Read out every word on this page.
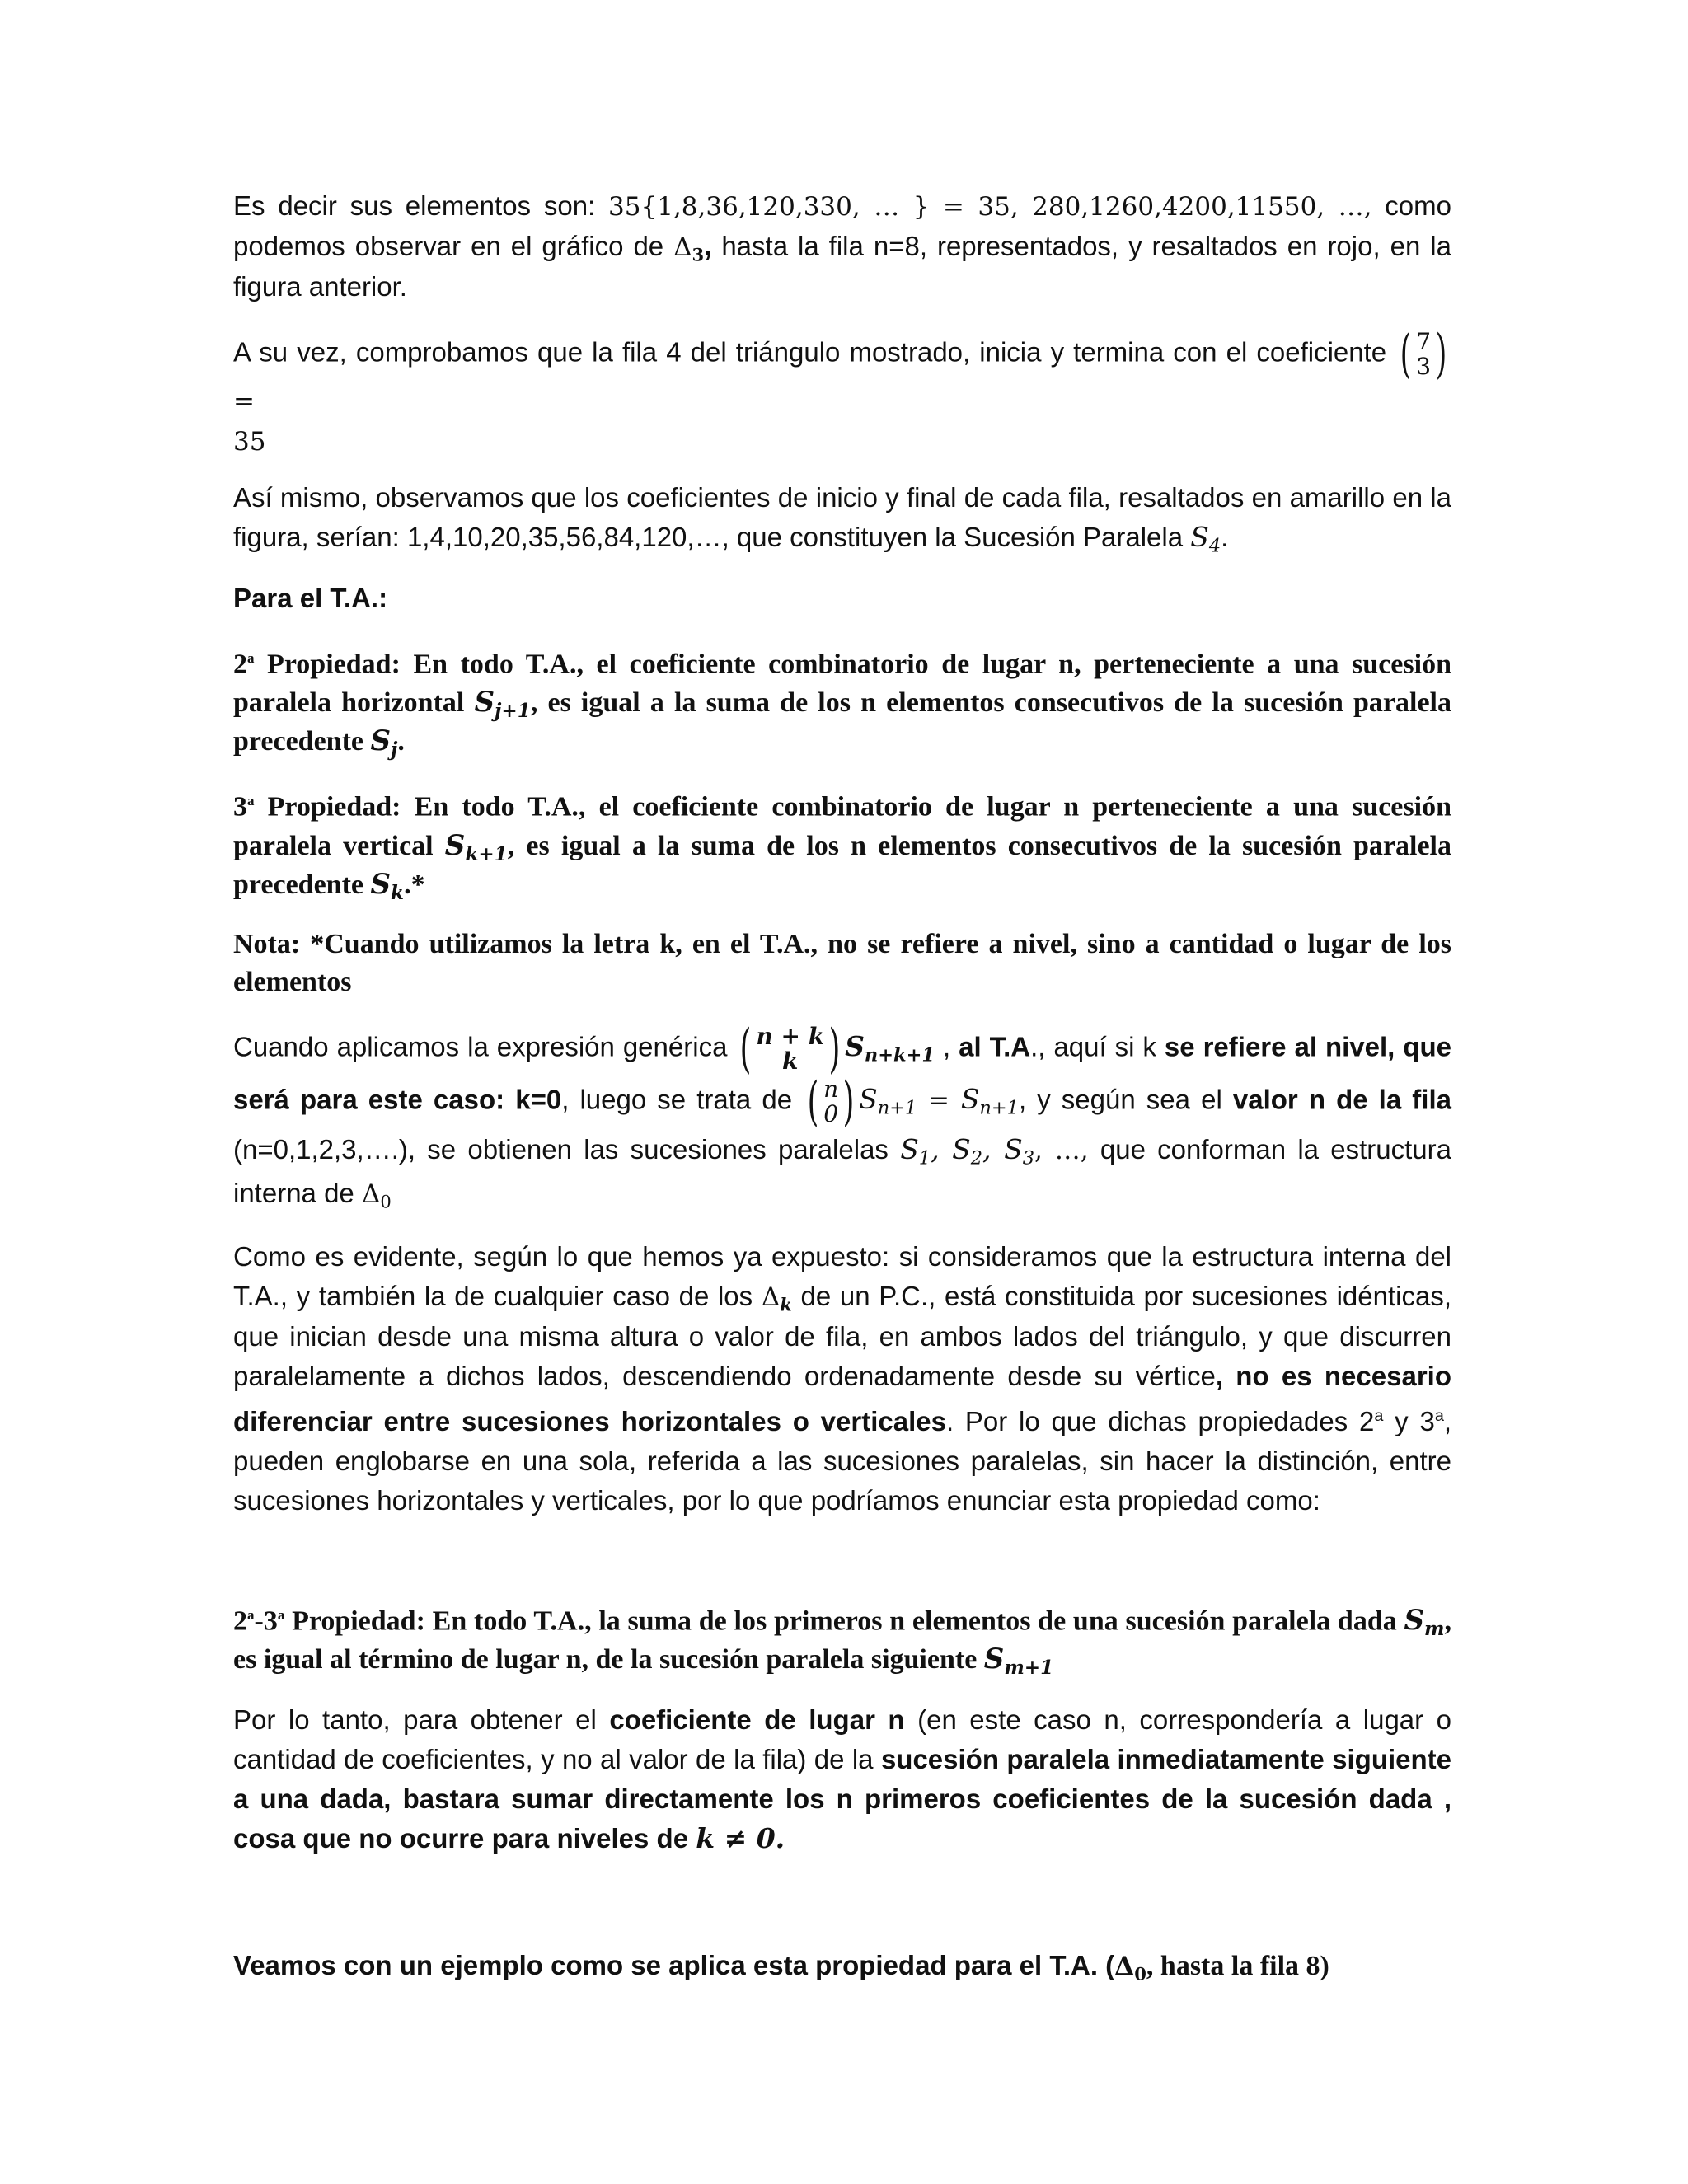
Es decir sus elementos son: 35{1,8,36,120,330, … } = 35, 280,1260,4200,11550, …, como podemos observar en el gráfico de $\Delta_3$, hasta la fila n=8, representados, y resaltados en rojo, en la figura anterior.

A su vez, comprobamos que la fila 4 del triángulo mostrado, inicia y termina con el coeficiente ( 7
3 ) =
35

Así mismo, observamos que los coeficientes de inicio y final de cada fila, resaltados en amarillo en la figura, serían: 1,4,10,20,35,56,84,120,…, que constituyen la Sucesión Paralela $S_4$.

Para el T.A.:

2$^a$ Propiedad: En todo T.A., el coeficiente combinatorio de lugar n, perteneciente a una sucesión paralela horizontal $S_{j+1}$, es igual a la suma de los n elementos consecutivos de la sucesión paralela precedente $S_j$.

3$^a$ Propiedad: En todo T.A., el coeficiente combinatorio de lugar n perteneciente a una sucesión paralela vertical $S_{k+1}$, es igual a la suma de los n elementos consecutivos de la sucesión paralela precedente $S_k.*$

Nota: *Cuando utilizamos la letra k, en el T.A., no se refiere a nivel, sino a cantidad o lugar de los elementos

Cuando aplicamos la expresión genérica ( n + k
k ) $S_{n+k+1}$ , al T.A., aquí si k se refiere al nivel, que será para este caso: k=0, luego se trata de ( n
0 ) $S_{n+1} = S_{n+1}$, y según sea el valor n de la fila (n=0,1,2,3,….), se obtienen las sucesiones paralelas $S_1$, $S_2$, $S_3$, …, que conforman la estructura interna de $\Delta_0$

Como es evidente, según lo que hemos ya expuesto: si consideramos que la estructura interna del T.A., y también la de cualquier caso de los $\Delta_k$ de un P.C., está constituida por sucesiones idénticas, que inician desde una misma altura o valor de fila, en ambos lados del triángulo, y que discurren paralelamente a dichos lados, descendiendo ordenadamente desde su vértice, no es necesario diferenciar entre sucesiones horizontales o verticales. Por lo que dichas propiedades 2$^a$ y 3$^a$, pueden englobarse en una sola, referida a las sucesiones paralelas, sin hacer la distinción, entre sucesiones horizontales y verticales, por lo que podríamos enunciar esta propiedad como:

2$^a$-3$^a$ Propiedad: En todo T.A., la suma de los primeros n elementos de una sucesión paralela dada $S_m$, es igual al término de lugar n, de la sucesión paralela siguiente $S_{m+1}$

Por lo tanto, para obtener el coeficiente de lugar n (en este caso n, correspondería a lugar o cantidad de coeficientes, y no al valor de la fila) de la sucesión paralela inmediatamente siguiente a una dada, bastara sumar directamente los n primeros coeficientes de la sucesión dada , cosa que no ocurre para niveles de k ≠ 0.

Veamos con un ejemplo como se aplica esta propiedad para el T.A. ($\Delta_0$, hasta la fila 8)
